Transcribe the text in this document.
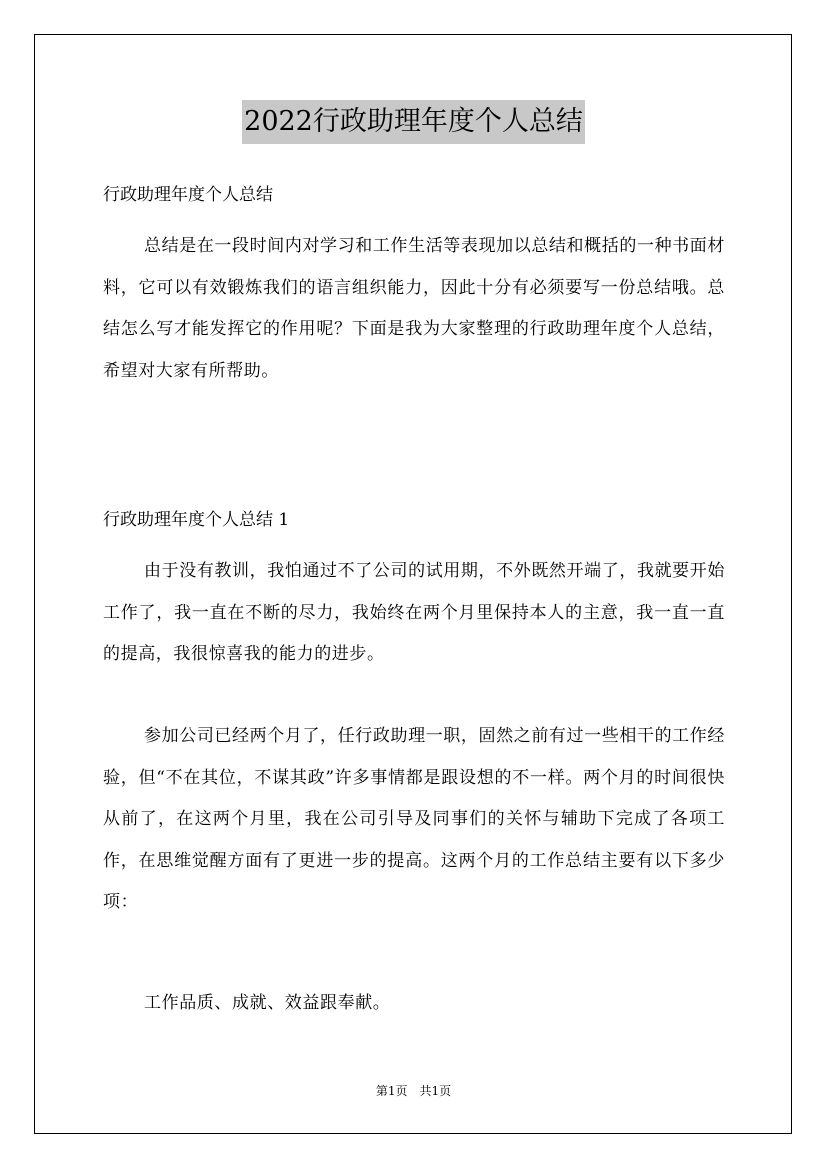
2022行政助理年度个人总结
行政助理年度个人总结
总结是在一段时间内对学习和工作生活等表现加以总结和概括的一种书面材料，它可以有效锻炼我们的语言组织能力，因此十分有必须要写一份总结哦。总结怎么写才能发挥它的作用呢？下面是我为大家整理的行政助理年度个人总结，希望对大家有所帮助。
行政助理年度个人总结 1
由于没有教训，我怕通过不了公司的试用期，不外既然开端了，我就要开始工作了，我一直在不断的尽力，我始终在两个月里保持本人的主意，我一直一直的提高，我很惊喜我的能力的进步。
参加公司已经两个月了，任行政助理一职，固然之前有过一些相干的工作经验，但“不在其位，不谋其政”许多事情都是跟设想的不一样。两个月的时间很快从前了，在这两个月里，我在公司引导及同事们的关怀与辅助下完成了各项工作，在思维觉醒方面有了更进一步的提高。这两个月的工作总结主要有以下多少项：
工作品质、成就、效益跟奉献。
第1页　共1页
